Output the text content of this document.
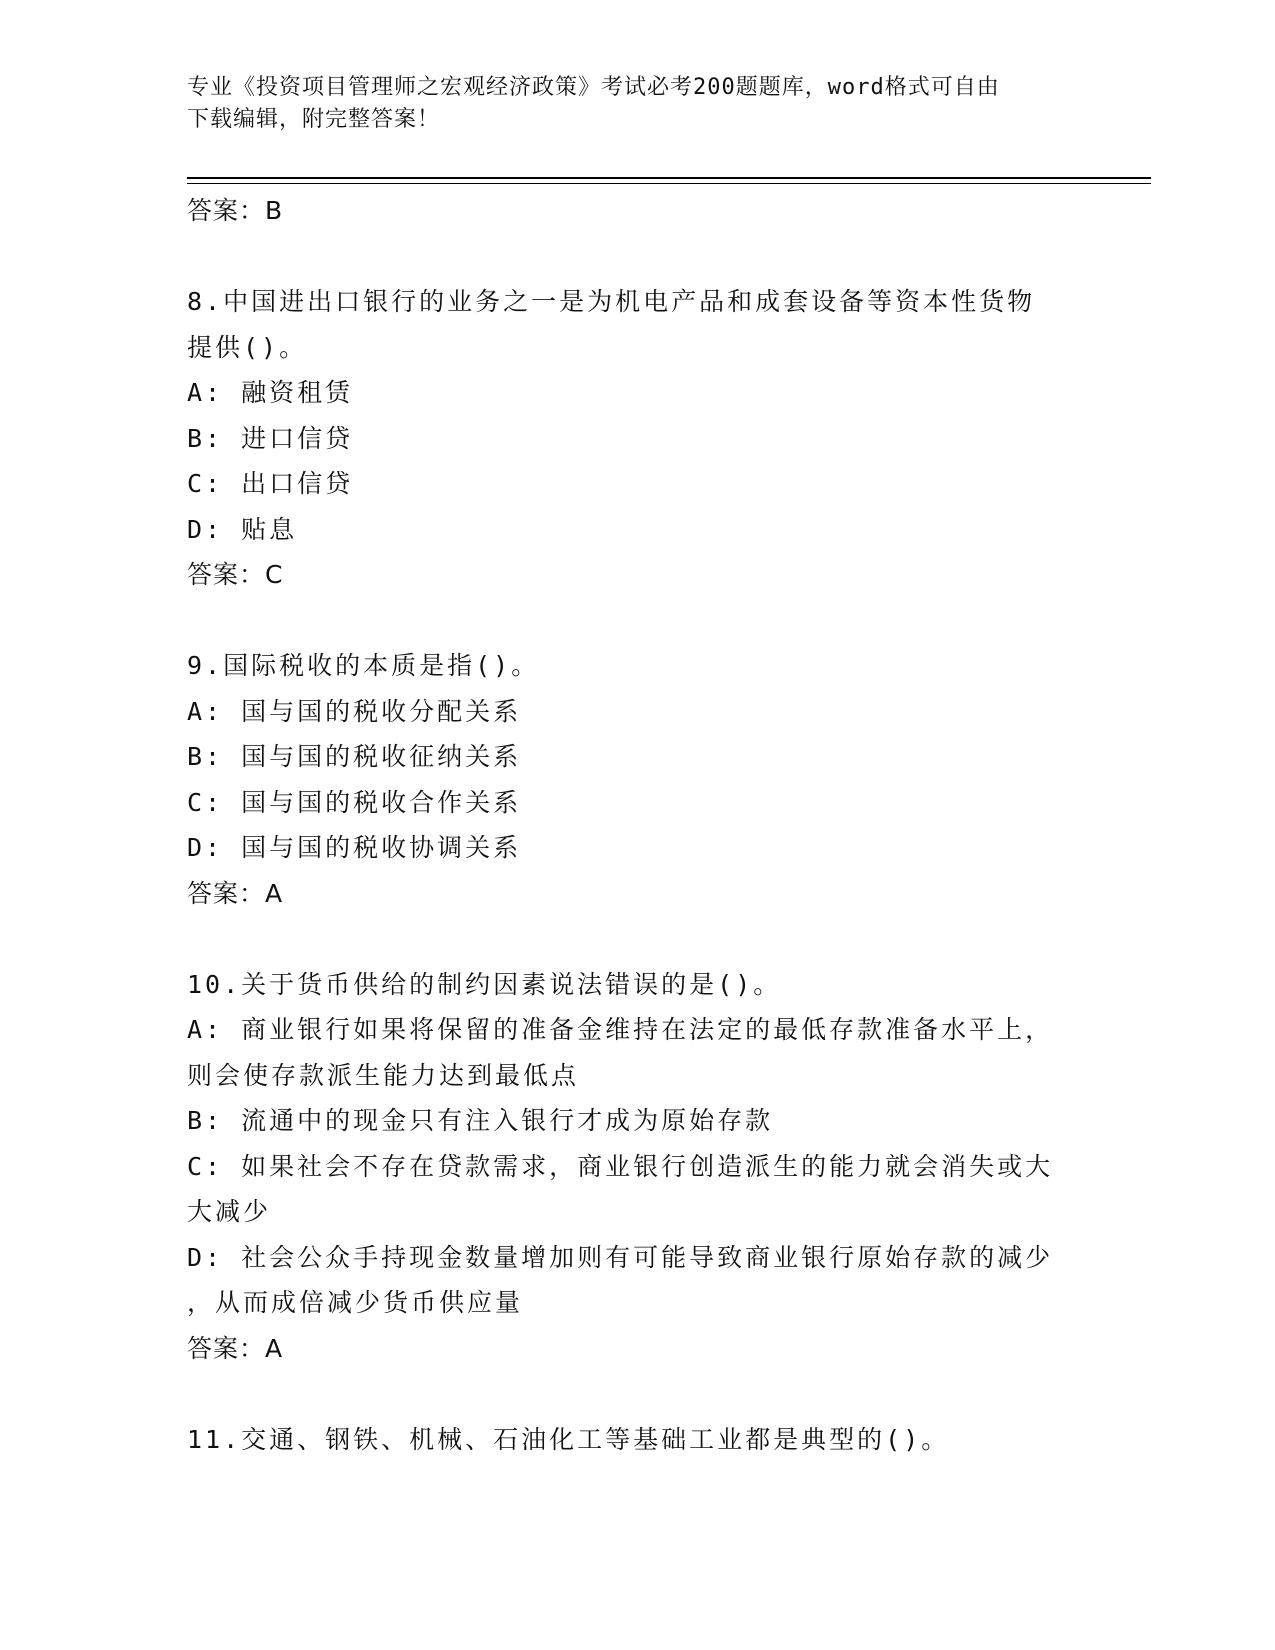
专业《投资项目管理师之宏观经济政策》考试必考200题题库，word格式可自由
下载编辑，附完整答案！
答案：B
8.中国进出口银行的业务之一是为机电产品和成套设备等资本性货物
提供()。
A: 融资租赁
B: 进口信贷
C: 出口信贷
D: 贴息
答案：C
9.国际税收的本质是指()。
A: 国与国的税收分配关系
B: 国与国的税收征纳关系
C: 国与国的税收合作关系
D: 国与国的税收协调关系
答案：A
10.关于货币供给的制约因素说法错误的是()。
A: 商业银行如果将保留的准备金维持在法定的最低存款准备水平上，
则会使存款派生能力达到最低点
B: 流通中的现金只有注入银行才成为原始存款
C: 如果社会不存在贷款需求，商业银行创造派生的能力就会消失或大
大减少
D: 社会公众手持现金数量增加则有可能导致商业银行原始存款的减少
，从而成倍减少货币供应量
答案：A
11.交通、钢铁、机械、石油化工等基础工业都是典型的()。
